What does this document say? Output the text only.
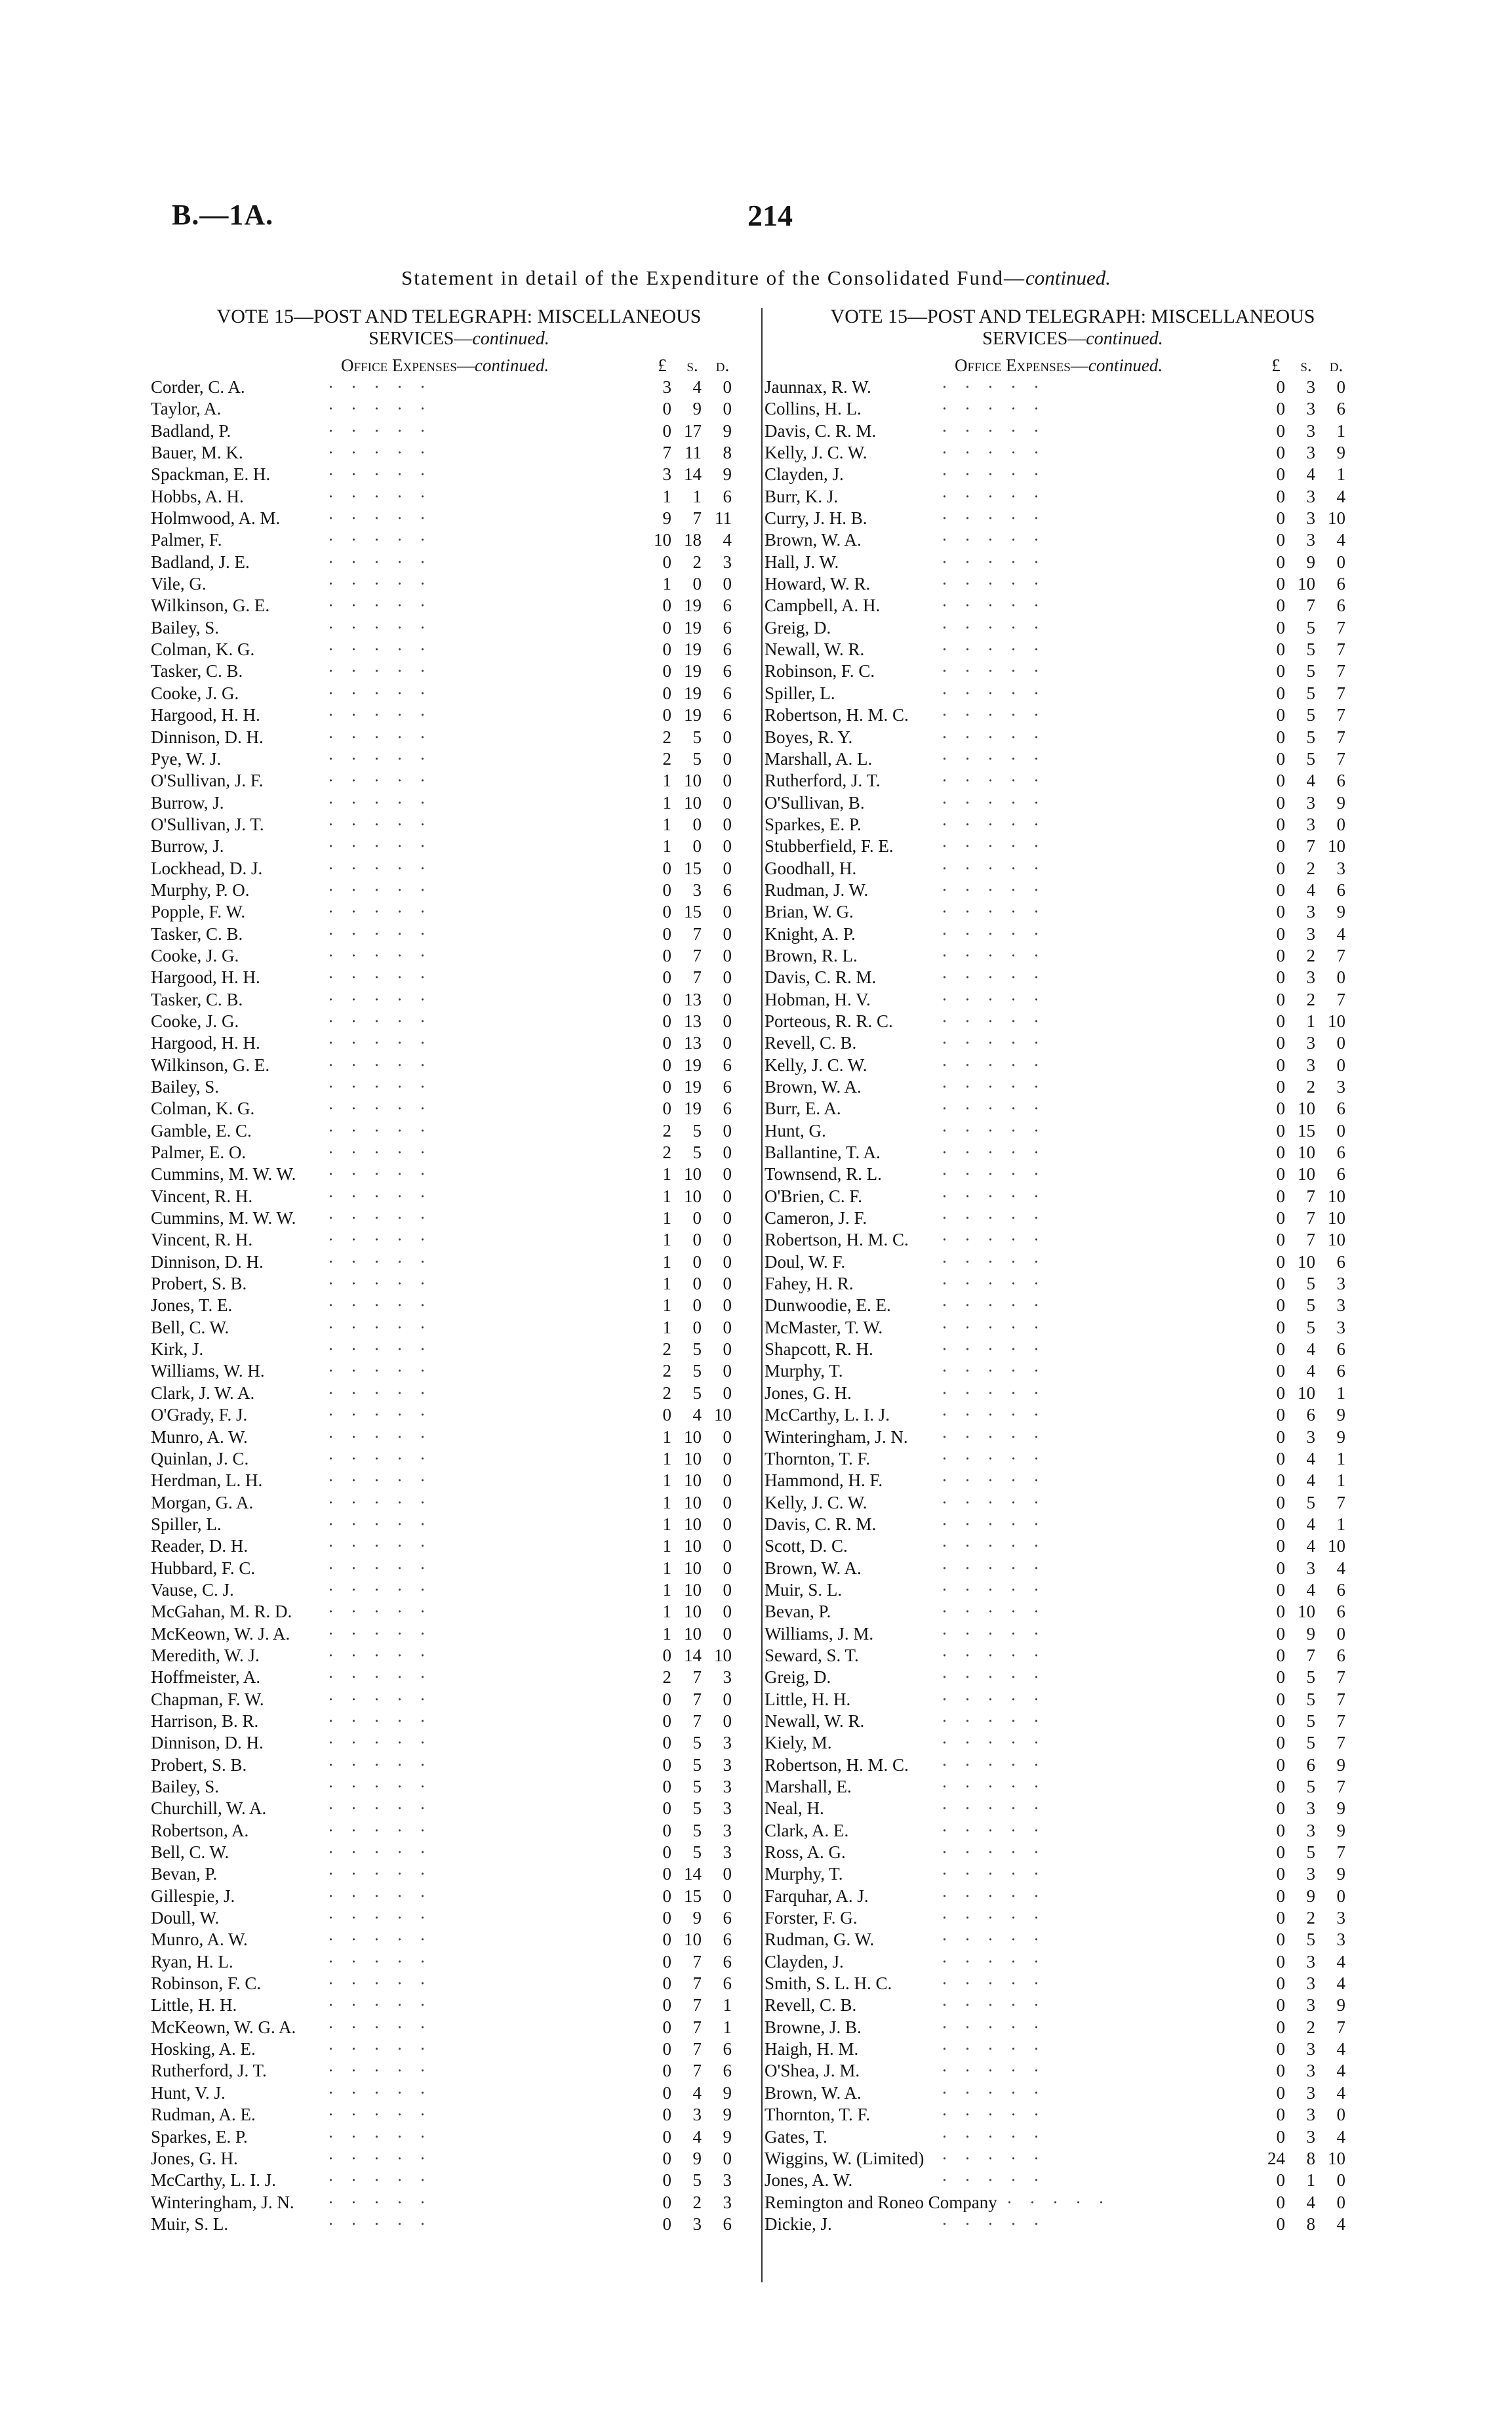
B.—1A.	214
Statement in detail of the Expenditure of the Consolidated Fund—continued.
VOTE 15—POST AND TELEGRAPH: MISCELLANEOUS
SERVICES—continued.
Office Expenses—continued.	£	s.	d.
Corder, C. A.	·····	3	4	0
Taylor, A.	·····	0	9	0
Badland, P.	·····	0 17	9
Bauer, M. K.	·····	7 11	8
Spackman, E. H.	·····	3 14	9
Hobbs, A. H.	·····	1	1	6
Holmwood, A. M.	·····	9	7 11
Palmer, F.	·····	10 18	4
Badland, J. E.	·····	0	2	3
Vile, G.	·····	1	0	0
Wilkinson, G. E.	·····	0 19	6
Bailey, S.	·····	0 19	6
Colman, K. G.	·····	0 19	6
Tasker, C. B.	·····	0 19	6
Cooke, J. G.	·····	0 19	6
Hargood, H. H.	·····	0 19	6
Dinnison, D. H.	·····	2	5	0
Pye, W. J.	·····	2	5	0
O'Sullivan, J. F.	·····	1 10	0
Burrow, J.	·····	1 10	0
O'Sullivan, J. T.	·····	1	0	0
Burrow, J.	·····	1	0	0
Lockhead, D. J.	·····	0 15	0
Murphy, P. O.	·····	0	3	6
Popple, F. W.	·····	0 15	0
Tasker, C. B.	·····	0	7	0
Cooke, J. G.	·····	0	7	0
Hargood, H. H.	·····	0	7	0
Tasker, C. B.	·····	0 13	0
Cooke, J. G.	·····	0 13	0
Hargood, H. H.	·····	0 13	0
Wilkinson, G. E.	·····	0 19	6
Bailey, S.	·····	0 19	6
Colman, K. G.	·····	0 19	6
Gamble, E. C.	·····	2	5	0
Palmer, E. O.	·····	2	5	0
Cummins, M. W. W. ·····	1 10	0
Vincent, R. H.	·····	1 10	0
Cummins, M. W. W. ·····	1	0	0
Vincent, R. H.	·····	1	0	0
Dinnison, D. H.	·····	1	0	0
Probert, S. B.	·····	1	0	0
Jones, T. E.	·····	1	0	0
Bell, C. W.	·····	1	0	0
Kirk, J.	·····	2	5	0
Williams, W. H.	·····	2	5	0
Clark, J. W. A.	·····	2	5	0
O'Grady, F. J.	·····	0	4 10
Munro, A. W.	·····	1 10	0
Quinlan, J. C.	·····	1 10	0
Herdman, L. H.	·····	1 10	0
Morgan, G. A.	·····	1 10	0
Spiller, L.	·····	1 10	0
Reader, D. H.	·····	1 10	0
Hubbard, F. C.	·····	1 10	0
Vause, C. J.	·····	1 10	0
McGahan, M. R. D. ·····	1 10	0
McKeown, W. J. A. ·····	1 10	0
Meredith, W. J.	·····	0 14 10
Hoffmeister, A.	·····	2	7	3
Chapman, F. W.	·····	0	7	0
Harrison, B. R.	·····	0	7	0
Dinnison, D. H.	·····	0	5	3
Probert, S. B.	·····	0	5	3
Bailey, S.	·····	0	5	3
Churchill, W. A.	·····	0	5	3
Robertson, A.	·····	0	5	3
Bell, C. W.	·····	0	5	3
Bevan, P.	·····	0 14	0
Gillespie, J.	·····	0 15	0
Doull, W.	·····	0	9	6
Munro, A. W.	·····	0 10	6
Ryan, H. L.	·····	0	7	6
Robinson, F. C.	·····	0	7	6
Little, H. H.	·····	0	7	1
McKeown, W. G. A. ·····	0	7	1
Hosking, A. E.	·····	0	7	6
Rutherford, J. T.	·····	0	7	6
Hunt, V. J.	·····	0	4	9
Rudman, A. E.	·····	0	3	9
Sparkes, E. P.	·····	0	4	9
Jones, G. H.	·····	0	9	0
McCarthy, L. I. J.	·····	0	5	3
Winteringham, J. N. ·····	0	2	3
Muir, S. L.	·····	0	3	6
VOTE 15—POST AND TELEGRAPH: MISCELLANEOUS
SERVICES—continued.
Office Expenses—continued.	£	s.	d.
Jaunnax, R. W.	·····	0	3	0
Collins, H. L.	·····	0	3	6
Davis, C. R. M.	·····	0	3	1
Kelly, J. C. W.	·····	0	3	9
Clayden, J.	·····	0	4	1
Burr, K. J.	·····	0	3	4
Curry, J. H. B.	·····	0	3 10
Brown, W. A.	·····	0	3	4
Hall, J. W.	·····	0	9	0
Howard, W. R.	·····	0 10	6
Campbell, A. H.	·····	0	7	6
Greig, D.	·····	0	5	7
Newall, W. R.	·····	0	5	7
Robinson, F. C.	·····	0	5	7
Spiller, L.	·····	0	5	7
Robertson, H. M. C. ·····	0	5	7
Boyes, R. Y.	·····	0	5	7
Marshall, A. L.	·····	0	5	7
Rutherford, J. T.	·····	0	4	6
O'Sullivan, B.	·····	0	3	9
Sparkes, E. P.	·····	0	3	0
Stubberfield, F. E.	·····	0	7 10
Goodhall, H.	·····	0	2	3
Rudman, J. W.	·····	0	4	6
Brian, W. G.	·····	0	3	9
Knight, A. P.	·····	0	3	4
Brown, R. L.	·····	0	2	7
Davis, C. R. M.	·····	0	3	0
Hobman, H. V.	·····	0	2	7
Porteous, R. R. C.	·····	0	1 10
Revell, C. B.	·····	0	3	0
Kelly, J. C. W.	·····	0	3	0
Brown, W. A.	·····	0	2	3
Burr, E. A.	·····	0 10	6
Hunt, G.	·····	0 15	0
Ballantine, T. A.	·····	0 10	6
Townsend, R. L.	·····	0 10	6
O'Brien, C. F.	·····	0	7 10
Cameron, J. F.	·····	0	7 10
Robertson, H. M. C. ·····	0	7 10
Doul, W. F.	·····	0 10	6
Fahey, H. R.	·····	0	5	3
Dunwoodie, E. E.	·····	0	5	3
McMaster, T. W.	·····	0	5	3
Shapcott, R. H.	·····	0	4	6
Murphy, T.	·····	0	4	6
Jones, G. H.	·····	0 10	1
McCarthy, L. I. J.	·····	0	6	9
Winteringham, J. N. ·····	0	3	9
Thornton, T. F.	·····	0	4	1
Hammond, H. F.	·····	0	4	1
Kelly, J. C. W.	·····	0	5	7
Davis, C. R. M.	·····	0	4	1
Scott, D. C.	·····	0	4 10
Brown, W. A.	·····	0	3	4
Muir, S. L.	·····	0	4	6
Bevan, P.	·····	0 10	6
Williams, J. M.	·····	0	9	0
Seward, S. T.	·····	0	7	6
Greig, D.	·····	0	5	7
Little, H. H.	·····	0	5	7
Newall, W. R.	·····	0	5	7
Kiely, M.	·····	0	5	7
Robertson, H. M. C. ·····	0	6	9
Marshall, E.	·····	0	5	7
Neal, H.	·····	0	3	9
Clark, A. E.	·····	0	3	9
Ross, A. G.	·····	0	5	7
Murphy, T.	·····	0	3	9
Farquhar, A. J.	·····	0	9	0
Forster, F. G.	·····	0	2	3
Rudman, G. W.	·····	0	5	3
Clayden, J.	·····	0	3	4
Smith, S. L. H. C.	·····	0	3	4
Revell, C. B.	·····	0	3	9
Browne, J. B.	·····	0	2	7
Haigh, H. M.	·····	0	3	4
O'Shea, J. M.	·····	0	3	4
Brown, W. A.	·····	0	3	4
Thornton, T. F.	·····	0	3	0
Gates, T.	·····	0	3	4
Wiggins, W. (Limited) ·····	24	8 10
Jones, A. W.	·····	0	1	0
Remington and Roneo Company ·····	0	4	0
Dickie, J.	·····	0	8	4
